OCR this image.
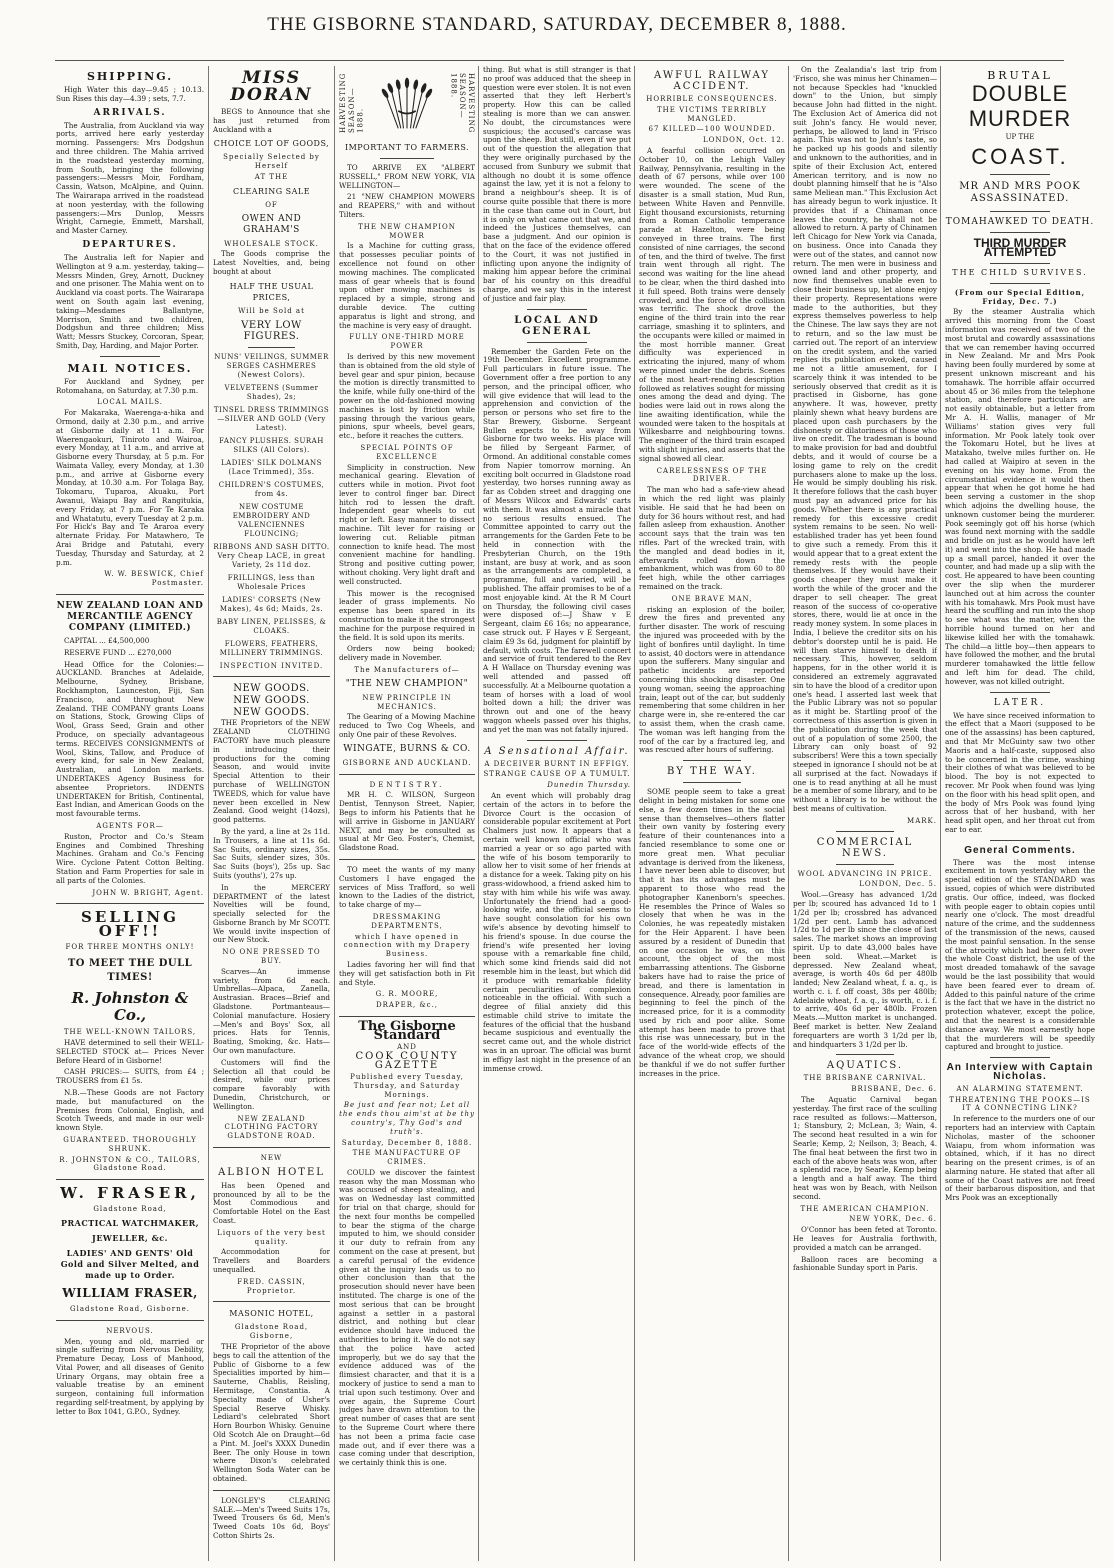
THE GISBORNE STANDARD, SATURDAY, DECEMBER 8, 1888.
SHIPPING.

High Water this day—9.45 ; 10.13. Sun Rises this day—4.39 ; sets, 7.7.

ARRIVALS.

The Australia, from Auckland via way ports, arrived here early yesterday morning. Passengers: Mrs Dodgshun and three children. The Mahia arrived in the roadstead yesterday morning, from South, bringing the following passengers:—Messrs Moir, Fordham, Cassin, Watson, McAlpine, and Quinn. The Wairarapa arrived in the roadstead at noon yesterday, with the following passengers:—Mrs Dunlop, Messrs Wright, Carnegie, Emmett, Marshall, and Master Carney.

DEPARTURES.

The Australia left for Napier and Wellington at 9 a.m. yesterday, taking—Messrs Minden, Grey, Arnott, Duckney and one prisoner. The Mahia went on to Auckland via coast ports. The Wairarapa went on South again last evening, taking—Mesdames Ballantyne, Morrison, Smith and two children, Dodgshun and three children; Miss Watt; Messrs Stuckey, Corcoran, Spear, Smith, Day, Harding, and Major Porter.

MAIL NOTICES.

For Auckland and Sydney, per Rotomahana, on Saturday, at 7.30 p.m.

LOCAL MAILS.

For Makaraka, Waerenga-a-hika and Ormond, daily at 2.30 p.m., and arrive at Gisborne daily at 11 a.m. For Waerengaokuri, Tiniroto and Wairoa, every Monday, at 11 a.m., and arrive at Gisborne every Thursday, at 5 p.m. For Waimata Valley, every Monday, at 1.30 p.m., and arrive at Gisborne every Monday, at 10.30 a.m. For Tolaga Bay, Tokomaru, Tuparoa, Akuaku, Port Awanui, Waiapu Bay and Rangitukia, every Friday, at 7 p.m. For Te Karaka and Whatatutu, every Tuesday at 2 p.m. For Hick's Bay and Te Araroa every alternate Friday. For Matawhero, Te Arai Bridge and Patutahi, every Tuesday, Thursday and Saturday, at 2 p.m.

W. W. BESWICK, Chief Postmaster.
NEW ZEALAND LOAN AND MERCANTILE AGENCY COMPANY (LIMITED.)

CAPITAL ... £4,500,000

RESERVE FUND ... £270,000

Head Office for the Colonies:—AUCKLAND. Branches at Adelaide, Melbourne, Sydney, Brisbane, Rockhampton, Launceston, Fiji, San Francisco, and throughout New Zealand. THE COMPANY grants Loans on Stations, Stock, Growing Clips of Wool, Grass Seed, Grain and other Produce, on specially advantageous terms. RECEIVES CONSIGNMENTS of Wool, Skins, Tallow, and Produce of every kind, for sale in New Zealand, Australian, and London markets. UNDERTAKES Agency Business for absentee Proprietors. INDENTS UNDERTAKEN for British, Continental, East Indian, and American Goods on the most favourable terms.

AGENTS FOR—

Ruston, Proctor and Co.'s Steam Engines and Combined Threshing Machines. Graham and Co.'s Fencing Wire. Cyclone Patent Cotton Belting. Station and Farm Properties for sale in all parts of the Colonies.

JOHN W. BRIGHT, Agent.
SELLING OFF!!
FOR THREE MONTHS ONLY!
TO MEET THE DULL TIMES!
R. Johnston & Co.,
THE WELL-KNOWN TAILORS,

HAVE determined to sell their WELL-SELECTED STOCK at— Prices Never Before Heard of in Gisborne!

CASH PRICES:— SUITS, from £4 ; TROUSERS from £1 5s.

N.B.—These Goods are not Factory made, but manufactured on the Premises from Colonial, English, and Scotch Tweeds, and made in our well-known Style.

GUARANTEED. THOROUGHLY SHRUNK.
R. JOHNSTON & CO., TAILORS, Gladstone Road.
W. FRASER,
Gladstone Road,
PRACTICAL WATCHMAKER,
JEWELLER, &c.
LADIES' AND GENTS' Old Gold and Silver Melted, and made up to Order.
WILLIAM FRASER,
Gladstone Road, Gisborne.
NERVOUS.

Men, young and old, married or single suffering from Nervous Debility, Premature Decay, Loss of Manhood, Vital Power, and all diseases of Genito Urinary Organs, may obtain free a valuable treatise by an eminent surgeon, containing full information regarding self-treatment, by applying by letter to Box 1041, G.P.O., Sydney.

MISS DORAN

BEGS to Announce that she has just returned from Auckland with a

CHOICE LOT OF GOODS,
Specially Selected by Herself
AT THE
CLEARING SALE
OF
OWEN AND GRAHAM'S
WHOLESALE STOCK.

The Goods comprise the Latest Novelties, and, being bought at about

HALF THE USUAL PRICES,
Will be Sold at
VERY LOW FIGURES.
NUNS' VEILINGS, SUMMER SERGES CASHMERES (Newest Colors).
VELVETEENS (Summer Shades), 2s;
TINSEL DRESS TRIMMINGS—SILVER AND GOLD (Very Latest).
FANCY PLUSHES. SURAH SILKS (All Colors).
LADIES' SILK DOLMANS (Lace Trimmed), 35s.
CHILDREN'S COSTUMES, from 4s.
NEW COSTUME EMBROIDERY AND VALENCIENNES FLOUNCING;
RIBBONS AND SASH DITTO. Very Cheap LACE, in great Variety, 2s 11d doz.
FRILLINGS, less than Wholesale Prices
LADIES' CORSETS (New Makes), 4s 6d; Maids, 2s.
BABY LINEN, PELISSES, & CLOAKS.
FLOWERS, FEATHERS, MILLINERY TRIMMINGS.
INSPECTION INVITED.
NEW GOODS.
NEW GOODS.
NEW GOODS.

THE Proprietors of the NEW ZEALAND CLOTHING FACTORY have much pleasure in introducing their productions for the coming Season, and would invite Special Attention to their purchase of WELLINGTON TWEEDS, which for value have never been excelled in New Zealand. Good weight (14ozs), good patterns.

By the yard, a line at 2s 11d. In Trousers, a line at 11s 6d. Sac Suits, ordinary sizes, 35s. Sac Suits, slender sizes, 30s. Sac Suits (boys'), 25s up. Sac Suits (youths'), 27s up.

In the MERCERY DEPARTMENT of the latest Novelties will be found, specially selected for the Gisborne Branch by Mr SCOTT. We would invite inspection of our New Stock.

NO ONE PRESSED TO BUY.

Scarves—An immense variety, from 6d each. Umbrellas—Alpaca, Zanella, Austrasian. Braces—Brief and Gladstone. Portmanteaus—Colonial manufacture. Hosiery—Men's and Boys' Sox, all prices. Hats for Tennis, Boating, Smoking, &c. Hats—Our own manufacture.

Customers will find the Selection all that could be desired, while our prices compare favorably with Dunedin, Christchurch, or Wellington.

NEW ZEALAND CLOTHING FACTORY GLADSTONE ROAD.
NEW
ALBION HOTEL

Has been Opened and pronounced by all to be the Most Commodious and Comfortable Hotel on the East Coast.

Liquors of the very best quality.

Accommodation for Travellers and Boarders unequalled.

FRED. CASSIN, Proprietor.
MASONIC HOTEL,
Gladstone Road, Gisborne,

THE Proprietor of the above begs to call the attention of the Public of Gisborne to a few Specialities imported by him— Sauterne, Chablis, Reisling, Hermitage, Constantia. A Specialty made of Usher's Special Reserve Whisky. Lediard's celebrated Short Horn Bourbon Whisky. Genuine Old Scotch Ale on Draught—6d a Pint. M. Joel's XXXX Dunedin Beer. The only House in town where Dixon's celebrated Wellington Soda Water can be obtained.

LONGLEY'S CLEARING SALE.—Men's Tweed Suits 17s, Tweed Trousers 6s 6d, Men's Tweed Coats 10s 6d, Boys' Cotton Shirts 2s.

HARVESTING SEASON—1888.	HARVESTING SEASON—1888.
IMPORTANT TO FARMERS.

TO ARRIVE EX "ALBERT RUSSELL," FROM NEW YORK, VIA WELLINGTON—

21 "NEW CHAMPION MOWERS and REAPERS," with and without Tilters.

THE NEW CHAMPION MOWER

Is a Machine for cutting grass, that possesses peculiar points of excellence not found on other mowing machines. The complicated mass of gear wheels that is found upon other mowing machines is replaced by a simple, strong and durable device. The cutting apparatus is light and strong, and the machine is very easy of draught.

FULLY ONE-THIRD MORE POWER

Is derived by this new movement than is obtained from the old style of bevel gear and spur pinion, because the motion is directly transmitted to the knife, while fully one-third of the power on the old-fashioned mowing machines is lost by friction while passing through the various gears, pinions, spur wheels, bevel gears, etc., before it reaches the cutters.

SPECIAL POINTS OF EXCELLENCE

Simplicity in construction. New mechanical gearing. Elevation of cutters while in motion. Pivot foot lever to control finger bar. Direct hitch rod to lessen the draft. Independent gear wheels to cut right or left. Easy manner to dissect machine. Tilt lever for raising or lowering cut. Reliable pitman connection to knife head. The most convenient machine for handling. Strong and positive cutting power, without choking. Very light draft and well constructed.

This mower is the recognised leader of grass implements. No expense has been spared in its construction to make it the strongest machine for the purpose required in the field. It is sold upon its merits.

Orders now being booked; delivery made in November.

The Manufacturers of—
"THE NEW CHAMPION"
NEW PRINCIPLE IN MECHANICS.

The Gearing of a Mowing Machine reduced to Two Cog Wheels, and only One pair of these Revolves.

WINGATE, BURNS & CO.
GISBORNE AND AUCKLAND.
DENTISTRY.

MR H. C. WILSON, Surgeon Dentist, Tennyson Street, Napier, Begs to inform his Patients that he will arrive in Gisborne in JANUARY NEXT, and may be consulted as usual at Mr Geo. Foster's, Chemist, Gladstone Road.

TO meet the wants of my many Customers I have engaged the services of Miss Trafford, so well known to the Ladies of the district, to take charge of my—

DRESSMAKING DEPARTMENTS,
which I have opened in connection with my Drapery Business.

Ladies favoring her will find that they will get satisfaction both in Fit and Style.

G. R. MOORE,
DRAPER, &c.,
The Gisborne Standard
AND
COOK COUNTY GAZETTE
Published every Tuesday, Thursday, and Saturday Mornings.
Be just and fear not; Let all the ends thou aim'st at be thy country's, Thy God's and truth's.
Saturday, December 8, 1888.
THE MANUFACTURE OF CRIMES.

COULD we discover the faintest reason why the man Mossman who was accused of sheep stealing, and was on Wednesday last committed for trial on that charge, should for the next four months be compelled to bear the stigma of the charge imputed to him, we should consider it our duty to refrain from any comment on the case at present, but a careful perusal of the evidence given at the inquiry leads us to no other conclusion than that the prosecution should never have been instituted. The charge is one of the most serious that can be brought against a settler in a pastoral district, and nothing but clear evidence should have induced the authorities to bring it. We do not say that the police have acted improperly, but we do say that the evidence adduced was of the flimsiest character, and that it is a mockery of justice to send a man to trial upon such testimony. Over and over again, the Supreme Court judges have drawn attention to the great number of cases that are sent to the Supreme Court where there has not been a prima facie case made out, and if ever there was a case coming under that description, we certainly think this is one.

thing. But what is still stranger is that no proof was adduced that the sheep in question were ever stolen. It is not even asserted that they left Herbert's property. How this can be called stealing is more than we can answer. No doubt, the circumstances were suspicious; the accused's carcase was upon the sheep. But still, even if we put out of the question the allegation that they were originally purchased by the accused from Sunbury we submit that although no doubt it is some offence against the law, yet it is not a felony to brand a neighbour's sheep. It is of course quite possible that there is more in the case than came out in Court, but it is only on what came out that we, and indeed the Justices themselves, can base a judgment. And our opinion is that on the face of the evidence offered to the Court, it was not justified in inflicting upon anyone the indignity of making him appear before the criminal bar of his country on this dreadful charge, and we say this in the interest of justice and fair play.

LOCAL AND GENERAL

Remember the Garden Fete on the 19th December. Excellent programme. Full particulars in future issue. The Government offer a free portion to any person, and the principal officer, who will give evidence that will lead to the apprehension and conviction of the person or persons who set fire to the Star Brewery, Gisborne. Sergeant Bullen expects to be away from Gisborne for two weeks. His place will be filled by Sergeant Farmer, of Ormond. An additional constable comes from Napier tomorrow morning. An exciting bolt occurred in Gladstone road yesterday, two horses running away as far as Cobden street and dragging one of Messrs Wilcox and Edwards' carts with them. It was almost a miracle that no serious results ensued. The Committee appointed to carry out the arrangements for the Garden Fete to be held in connection with the Presbyterian Church, on the 19th instant, are busy at work, and as soon as the arrangements are completed, a programme, full and varied, will be published. The affair promises to be of a most enjoyable kind. At the R M Court on Thursday, the following civil cases were disposed of:—J Shaw v E Sergeant, claim £6 16s; no appearance, case struck out. F Hayes v E Sergeant, claim £9 3s 6d, judgment for plaintiff by default, with costs. The farewell concert and service of fruit tendered to the Rev A H Wallace on Thursday evening was well attended and passed off successfully. At a Melbourne quotation a team of horses with a load of wool bolted down a hill; the driver was thrown out and one of the heavy waggon wheels passed over his thighs, and yet the man was not fatally injured.

A Sensational Affair.
A DECEIVER BURNT IN EFFIGY.
STRANGE CAUSE OF A TUMULT.
Dunedin Thursday.

An event which will probably drag certain of the actors in to before the Divorce Court is the occasion of considerable popular excitement at Port Chalmers just now. It appears that a certain well known official who was married a year or so ago parted with the wife of his bosom temporarily to allow her to visit some of her friends at a distance for a week. Taking pity on his grass-widowhood, a friend asked him to stay with him while his wife was away. Unfortunately the friend had a good-looking wife, and the official seems to have sought consolation for his own wife's absence by devoting himself to his friend's spouse. In due course the friend's wife presented her loving spouse with a remarkable fine child, which some kind friends said did not resemble him in the least, but which did it produce with remarkable fidelity certain peculiarities of complexion noticeable in the official. With such a degree of filial anxiety did this estimable child strive to imitate the features of the official that the husband became suspicious and eventually the secret came out, and the whole district was in an uproar. The official was burnt in effigy last night in the presence of an immense crowd.

AWFUL RAILWAY ACCIDENT.
HORRIBLE CONSEQUENCES.
THE VICTIMS TERRIBLY MANGLED.
67 KILLED—100 WOUNDED.
LONDON, Oct. 12.

A fearful collision occurred on October 10, on the Lehigh Valley Railway, Pennsylvania, resulting in the death of 67 persons, while over 100 were wounded. The scene of the disaster is a small station, Mud Run, between White Haven and Pennville. Eight thousand excursionists, returning from a Roman Catholic temperance parade at Hazelton, were being conveyed in three trains. The first consisted of nine carriages, the second of ten, and the third of twelve. The first train went through all right. The second was waiting for the line ahead to be clear, when the third dashed into it full speed. Both trains were densely crowded, and the force of the collision was terrific. The shock drove the engine of the third train into the rear carriage, smashing it to splinters, and the occupants were killed or maimed in the most horrible manner. Great difficulty was experienced in extricating the injured, many of whom were pinned under the debris. Scenes of the most heart-rending description followed as relatives sought for missing ones among the dead and dying. The bodies were laid out in rows along the line awaiting identification, while the wounded were taken to the hospitals at Wilkesbarre and neighbouring towns. The engineer of the third train escaped with slight injuries, and asserts that the signal showed all clear.

CARELESSNESS OF THE DRIVER.

The man who had a safe-view ahead in which the red light was plainly visible. He said that he had been on duty for 36 hours without rest, and had fallen asleep from exhaustion. Another account says that the train was ten rifles. Part of the wrecked train, with the mangled and dead bodies in it, afterwards rolled down the embankment, which was from 60 to 80 feet high, while the other carriages remained on the track.

ONE BRAVE MAN,

risking an explosion of the boiler, drew the fires and prevented any further disaster. The work of rescuing the injured was proceeded with by the light of bonfires until daylight. In time to assist, 40 doctors were in attendance upon the sufferers. Many singular and pathetic incidents are reported concerning this shocking disaster. One young woman, seeing the approaching train, leapt out of the car, but suddenly remembering that some children in her charge were in, she re-entered the car to assist them, when the crash came. The woman was left hanging from the roof of the car by a fractured leg, and was rescued after hours of suffering.

BY THE WAY.

SOME people seem to take a great delight in being mistaken for some one else, a few dozen times in the social sense than themselves—others flatter their own vanity by fostering every feature of their countenances into a fancied resemblance to some one or more great men. What peculiar advantage is derived from the likeness, I have never been able to discover, but that it has its advantages must be apparent to those who read the photographer Kanenborn's speeches. He resembles the Prince of Wales so closely that when he was in the Colonies, he was repeatedly mistaken for the Heir Apparent. I have been assured by a resident of Dunedin that on one occasion he was, on this account, the object of the most embarrassing attentions. The Gisborne bakers have had to raise the price of bread, and there is lamentation in consequence. Already, poor families are beginning to feel the pinch of the increased price, for it is a commodity used by rich and poor alike. Some attempt has been made to prove that this rise was unnecessary, but in the face of the world-wide effects of the advance of the wheat crop, we should be thankful if we do not suffer further increases in the price.

On the Zealandia's last trip from 'Frisco, she was minus her Chinamen—not because Speckles had "knuckled down" to the Union, but simply because John had flitted in the night. The Exclusion Act of America did not suit John's fancy. He would never, perhaps, be allowed to land in 'Frisco again. This was not to John's taste, so he packed up his goods and silently and unknown to the authorities, and in spite of their Exclusion Act, entered American territory, and is now no doubt planning himself that he is "Also same Meliean man." This Exclusion Act has already begun to work injustice. It provides that if a Chinaman once leaves the country, he shall not be allowed to return. A party of Chinamen left Chicago for New York via Canada, on business. Once into Canada they were out of the states, and cannot now return. The men were in business and owned land and other property, and now find themselves unable even to close their business up, let alone enjoy their property. Representations were made to the authorities, but they express themselves powerless to help the Chinese. The law says they are not to return, and so the law must be carried out. The report of an interview on the credit system, and the varied replies its publication evoked, caused me not a little amusement, for I scarcely think it was intended to be seriously observed that credit as it is practised in Gisborne, has gone anywhere. It was, however, pretty plainly shewn what heavy burdens are placed upon cash purchasers by the dishonesty or dilatoriness of those who live on credit. The tradesman is bound to make provision for bad and doubtful debts, and it would of course be a losing game to rely on the credit purchasers alone to make up the loss. He would be simply doubling his risk. It therefore follows that the cash buyer must pay an advanced price for his goods. Whether there is any practical remedy for this excessive credit system remains to be seen. No well-established trader has yet been found to give such a remedy. From this it would appear that to a great extent the remedy rests with the people themselves. If they would have their goods cheaper they must make it worth the while of the grocer and the draper to sell cheaper. The great reason of the success of co-operative stores, there, would lie at once in the ready money system. In some places in India, I believe the creditor sits on his debtor's doorstep until he is paid. He will then starve himself to death if necessary. This, however, seldom happens, for in the other world it is considered an extremely aggravated sin to have the blood of a creditor upon one's head. I asserted last week that the Public Library was not so popular as it might be. Startling proof of the correctness of this assertion is given in the publication during the week that out of a population of some 2500, the Library can only boast of 92 subscribers! Were this a town specially steeped in ignorance I should not be at all surprised at the fact. Nowadays if one is to read anything at all he must be a member of some library, and to be without a library is to be without the best means of cultivation.

MARK.
COMMERCIAL NEWS.
WOOL ADVANCING IN PRICE.
LONDON, Dec. 5.

Wool.—Greasy has advanced 1/2d per lb; scoured has advanced 1d to 1 1/2d per lb; crossbred has advanced 1/2d per cent. Lamb has advanced 1/2d to 1d per lb since the close of last sales. The market shows an improving spirit. Up to date 43,000 bales have been sold. Wheat.—Market is depressed. New Zealand wheat, average, is worth 40s 6d per 480lb landed; New Zealand wheat, f. a. q., is worth c. i. f. off coast, 38s per 480lb; Adelaide wheat, f. a. q., is worth, c. i. f. to arrive, 40s 6d per 480lb. Frozen Meats.—Mutton market is unchanged. Beef market is better. New Zealand forequarters are worth 3 1/2d per lb, and hindquarters 3 1/2d per lb.

AQUATICS.
THE BRISBANE CARNIVAL.
BRISBANE, Dec. 6.

The Aquatic Carnival began yesterday. The first race of the sculling race resulted as follows:—Matterson, 1; Stansbury, 2; McLean, 3; Wain, 4. The second heat resulted in a win for Searle; Kemp, 2; Neilson, 3; Beach, 4. The final heat between the first two in each of the above heats was won, after a splendid race, by Searle, Kemp being a length and a half away. The third heat was won by Beach, with Neilson second.

THE AMERICAN CHAMPION.
NEW YORK, Dec. 6.

O'Connor has been feted at Toronto. He leaves for Australia forthwith, provided a match can be arranged.

Balloon races are becoming a fashionable Sunday sport in Paris.

BRUTAL
DOUBLE MURDER
UP THE
COAST.
MR AND MRS POOK ASSASSINATED.
TOMAHAWKED TO DEATH.
THIRD MURDER ATTEMPTED
THE CHILD SURVIVES.
(From our Special Edition, Friday, Dec. 7.)

By the steamer Australia which arrived this morning from the Coast information was received of two of the most brutal and cowardly assassinations that we can remember having occurred in New Zealand. Mr and Mrs Pook having been foully murdered by some at present unknown miscreant and his tomahawk. The horrible affair occurred about 45 or 36 miles from the telephone station, and therefore particulars are not easily obtainable, but a letter from Mr A. H. Wallis, manager of Mr Williams' station gives very full information. Mr Pook lately took over the Tokomaru Hotel, but he lives at Matakaho, twelve miles further on. He had called at Waipiro at seven in the evening on his way home. From the circumstantial evidence it would then appear that when he got home he had been serving a customer in the shop which adjoins the dwelling house, the unknown customer being the murderer. Pook seemingly got off his horse (which was found next morning with the saddle and bridle on just as he would have left it) and went into the shop. He had made up a small parcel, handed it over the counter, and had made up a slip with the cost. He appeared to have been counting over the slip when the murderer launched out at him across the counter with his tomahawk. Mrs Pook must have heard the scuffling and run into the shop to see what was the matter, when the horrible hound turned on her and likewise killed her with the tomahawk. The child—a little boy—then appears to have followed the mother, and the brutal murderer tomahawked the little fellow and left him for dead. The child, however, was not killed outright.

LATER.

We have since received information to the effect that a Maori (supposed to be one of the assassins) has been captured, and that Mr McGuinty saw two other Maoris and a half-caste, supposed also to be concerned in the crime, washing their clothes of what was believed to be blood. The boy is not expected to recover. Mr Pook when found was lying on the floor with his head split open, and the body of Mrs Pook was found lying across that of her husband, with her head split open, and her throat cut from ear to ear.

General Comments.

There was the most intense excitement in town yesterday when the special edition of the STANDARD was issued, copies of which were distributed gratis. Our office, indeed, was flocked with people eager to obtain copies until nearly one o'clock. The most dreadful nature of the crime, and the suddenness of the transmission of the news, caused the most painful sensation. In the sense of the atrocity which had been felt over the whole Coast district, the use of the most dreaded tomahawk of the savage would be the last possibility that would have been feared ever to dream of. Added to this painful nature of the crime is the fact that we have in the district no protection whatever, except the police, and that the nearest is a considerable distance away. We most earnestly hope that the murderers will be speedily captured and brought to justice.

An Interview with Captain Nicholas.
AN ALARMING STATEMENT.
THREATENING THE POOKS—IS IT A CONNECTING LINK?

In reference to the murders one of our reporters had an interview with Captain Nicholas, master of the schooner Waiapu, from whom information was obtained, which, if it has no direct bearing on the present crimes, is of an alarming nature. He stated that after all some of the Coast natives are not freed of their barbarous disposition, and that Mrs Pook was an exceptionally
